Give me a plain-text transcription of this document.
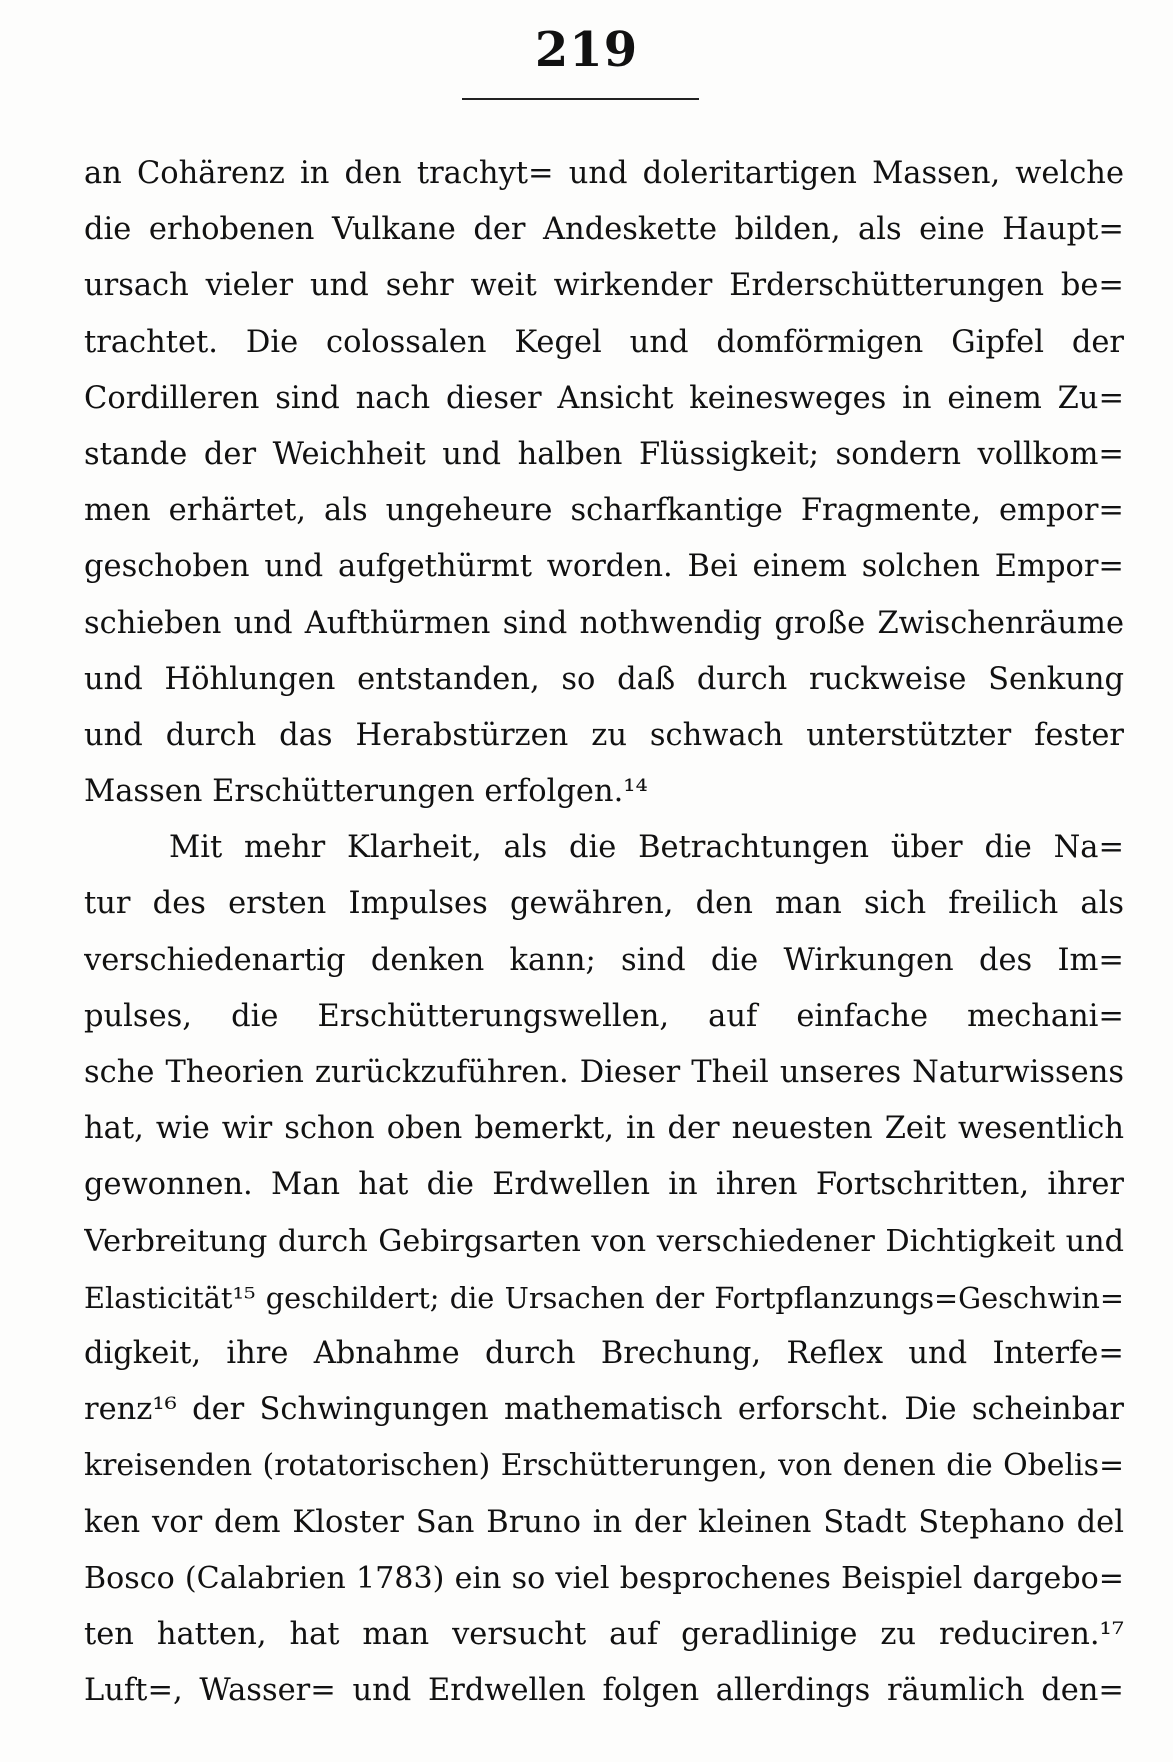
219
an Cohärenz in den trachyt= und doleritartigen Massen, welche
die erhobenen Vulkane der Andeskette bilden, als eine Haupt=
ursach vieler und sehr weit wirkender Erderschütterungen be=
trachtet. Die colossalen Kegel und domförmigen Gipfel der
Cordilleren sind nach dieser Ansicht keinesweges in einem Zu=
stande der Weichheit und halben Flüssigkeit; sondern vollkom=
men erhärtet, als ungeheure scharfkantige Fragmente, empor=
geschoben und aufgethürmt worden. Bei einem solchen Empor=
schieben und Aufthürmen sind nothwendig große Zwischenräume
und Höhlungen entstanden, so daß durch ruckweise Senkung
und durch das Herabstürzen zu schwach unterstützter fester
Massen Erschütterungen erfolgen.¹⁴
Mit mehr Klarheit, als die Betrachtungen über die Na=
tur des ersten Impulses gewähren, den man sich freilich als
verschiedenartig denken kann; sind die Wirkungen des Im=
pulses, die Erschütterungswellen, auf einfache mechani=
sche Theorien zurückzuführen. Dieser Theil unseres Naturwissens
hat, wie wir schon oben bemerkt, in der neuesten Zeit wesentlich
gewonnen. Man hat die Erdwellen in ihren Fortschritten, ihrer
Verbreitung durch Gebirgsarten von verschiedener Dichtigkeit und
Elasticität¹⁵ geschildert; die Ursachen der Fortpflanzungs=Geschwin=
digkeit, ihre Abnahme durch Brechung, Reflex und Interfe=
renz¹⁶ der Schwingungen mathematisch erforscht. Die scheinbar
kreisenden (rotatorischen) Erschütterungen, von denen die Obelis=
ken vor dem Kloster San Bruno in der kleinen Stadt Stephano del
Bosco (Calabrien 1783) ein so viel besprochenes Beispiel dargebo=
ten hatten, hat man versucht auf geradlinige zu reduciren.¹⁷
Luft=, Wasser= und Erdwellen folgen allerdings räumlich den=
